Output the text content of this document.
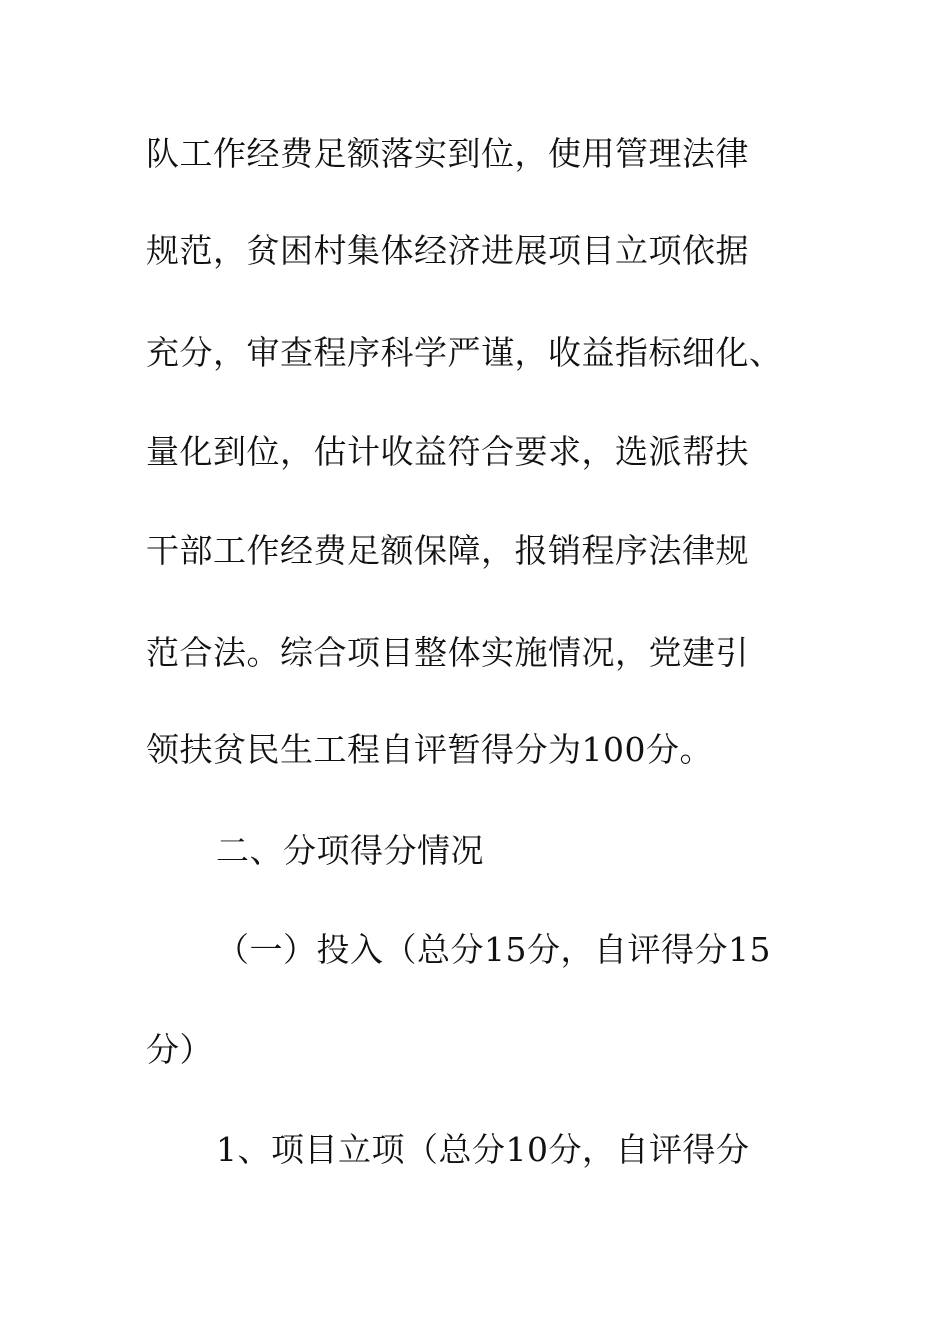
队工作经费足额落实到位，使用管理法律

规范，贫困村集体经济进展项目立项依据

充分，审查程序科学严谨，收益指标细化、

量化到位，估计收益符合要求，选派帮扶

干部工作经费足额保障，报销程序法律规

范合法。综合项目整体实施情况，党建引

领扶贫民生工程自评暂得分为100分。

二、分项得分情况

（一）投入（总分15分，自评得分15

分）

1、项目立项（总分10分，自评得分
